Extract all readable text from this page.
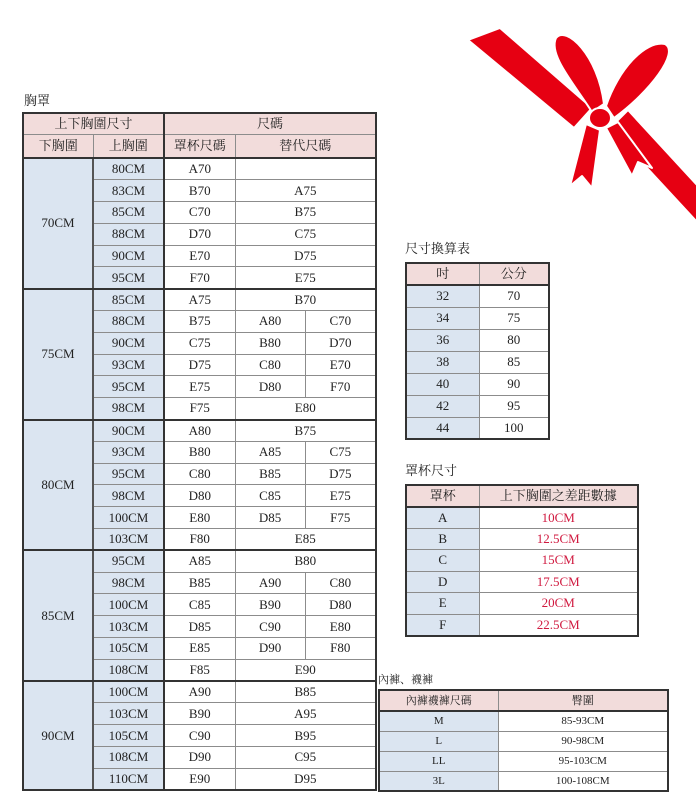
胸罩
上下胸圍尺寸		尺碼		
下胸圍	上胸圍	罩杯尺碼	替代尺碼	
70CM	80CM	A70		
	83CM	B70	A75	
	85CM	C70	B75	
	88CM	D70	C75	
	90CM	E70	D75	
	95CM	F70	E75	
75CM	85CM	A75	B70	
	88CM	B75	A80	C70
	90CM	C75	B80	D70
	93CM	D75	C80	E70
	95CM	E75	D80	F70
	98CM	F75	E80	
80CM	90CM	A80	B75	
	93CM	B80	A85	C75
	95CM	C80	B85	D75
	98CM	D80	C85	E75
	100CM	E80	D85	F75
	103CM	F80	E85	
85CM	95CM	A85	B80	
	98CM	B85	A90	C80
	100CM	C85	B90	D80
	103CM	D85	C90	E80
	105CM	E85	D90	F80
	108CM	F85	E90	
90CM	100CM	A90	B85	
	103CM	B90	A95	
	105CM	C90	B95	
	108CM	D90	C95	
	110CM	E90	D95	
尺寸換算表
吋	公分
32	70
34	75
36	80
38	85
40	90
42	95
44	100
罩杯尺寸
罩杯	上下胸圍之差距數據
A	10CM
B	12.5CM
C	15CM
D	17.5CM
E	20CM
F	22.5CM
內褲、襪褲
內褲襪褲尺碼	臀圍
M	85-93CM
L	90-98CM
LL	95-103CM
3L	100-108CM
